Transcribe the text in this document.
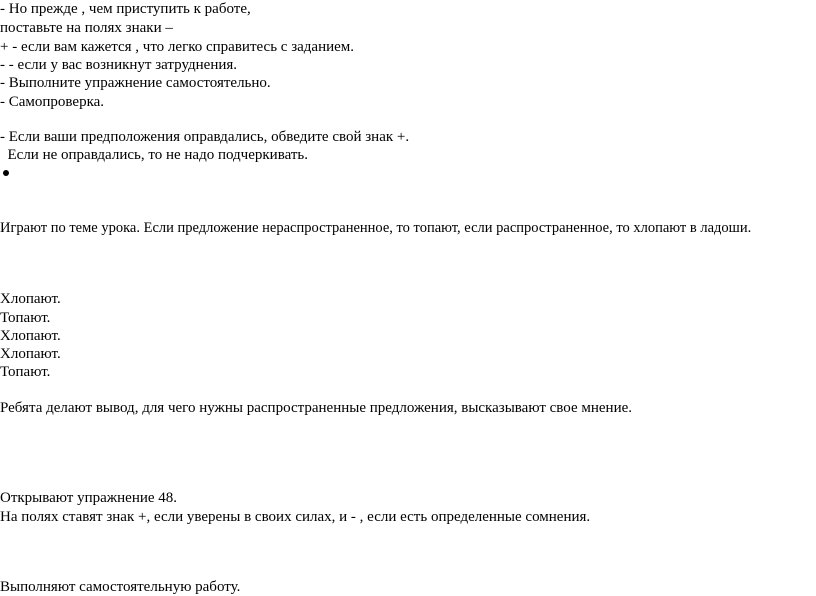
- Но прежде , чем приступить к работе,
поставьте на полях знаки –
+ - если вам кажется , что легко справитесь с заданием.
- - если у вас возникнут затруднения.
- Выполните упражнение самостоятельно.
- Самопроверка.
- Если ваши предположения оправдались, обведите свой знак +.
Если не оправдались, то не надо подчеркивать.
Играют по теме урока. Если предложение нераспространенное, то топают, если распространенное, то хлопают в ладоши.
Хлопают.
Топают.
Хлопают.
Хлопают.
Топают.
Ребята делают вывод, для чего нужны распространенные предложения, высказывают свое мнение.
Открывают упражнение 48.
На полях ставят знак +, если уверены в своих силах, и - , если есть определенные сомнения.
Выполняют самостоятельную работу.
